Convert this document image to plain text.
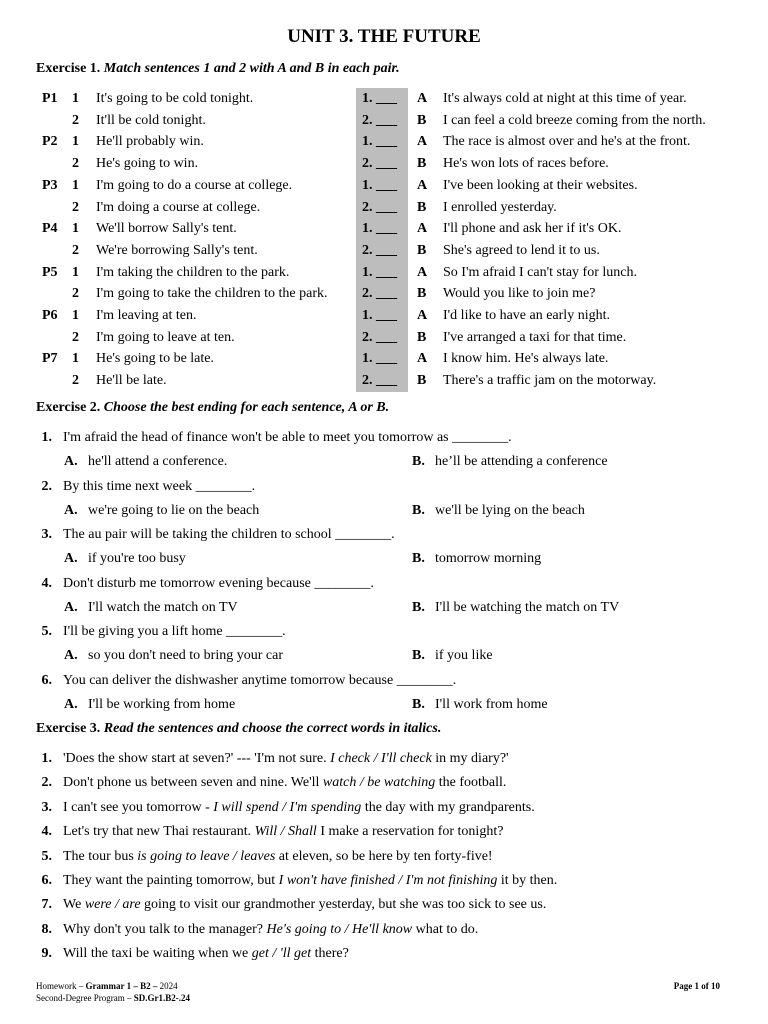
UNIT 3. THE FUTURE

Exercise 1. Match sentences 1 and 2 with A and B in each pair.

P1 1 It's going to be cold tonight.	1. ___ A It's always cold at night at this time of year.
2 It'll be cold tonight.	2. ___ B I can feel a cold breeze coming from the north.
P2 1 He'll probably win.	1. ___ A The race is almost over and he's at the front.
2 He's going to win.	2. ___ B He's won lots of races before.
P3 1 I'm going to do a course at college.	1. ___ A I've been looking at their websites.
2 I'm doing a course at college.	2. ___ B I enrolled yesterday.
P4 1 We'll borrow Sally's tent.	1. ___ A I'll phone and ask her if it's OK.
2 We're borrowing Sally's tent.	2. ___ B She's agreed to lend it to us.
P5 1 I'm taking the children to the park.	1. ___ A So I'm afraid I can't stay for lunch.
2 I'm going to take the children to the park. 2. ___ B Would you like to join me?
P6 1 I'm leaving at ten.	1. ___ A I'd like to have an early night.
2 I'm going to leave at ten.	2. ___ B I've arranged a taxi for that time.
P7 1 He's going to be late.	1. ___ A I know him. He's always late.
2 He'll be late.	2. ___ B There's a traffic jam on the motorway.

Exercise 2. Choose the best ending for each sentence, A or B.

1. I'm afraid the head of finance won't be able to meet you tomorrow as ________.
A. he'll attend a conference.	B. he’ll be attending a conference
2. By this time next week ________.
A. we're going to lie on the beach	B. we'll be lying on the beach
3. The au pair will be taking the children to school ________.
A. if you're too busy	B. tomorrow morning
4. Don't disturb me tomorrow evening because ________.
A. I'll watch the match on TV	B. I'll be watching the match on TV
5. I'll be giving you a lift home ________.
A. so you don't need to bring your car	B. if you like
6. You can deliver the dishwasher anytime tomorrow because ________.
A. I'll be working from home	B. I'll work from home

Exercise 3. Read the sentences and choose the correct words in italics.

1. 'Does the show start at seven?' --- 'I'm not sure. I check / I'll check in my diary?'
2. Don't phone us between seven and nine. We'll watch / be watching the football.
3. I can't see you tomorrow - I will spend / I'm spending the day with my grandparents.
4. Let's try that new Thai restaurant. Will / Shall I make a reservation for tonight?
5. The tour bus is going to leave / leaves at eleven, so be here by ten forty-five!
6. They want the painting tomorrow, but I won't have finished / I'm not finishing it by then.
7. We were / are going to visit our grandmother yesterday, but she was too sick to see us.
8. Why don't you talk to the manager? He's going to / He'll know what to do.
9. Will the taxi be waiting when we get / 'll get there?
Homework – Grammar 1 – B2 – 2024
Second-Degree Program – SD.Gr1.B2-.24
Page 1 of 10
